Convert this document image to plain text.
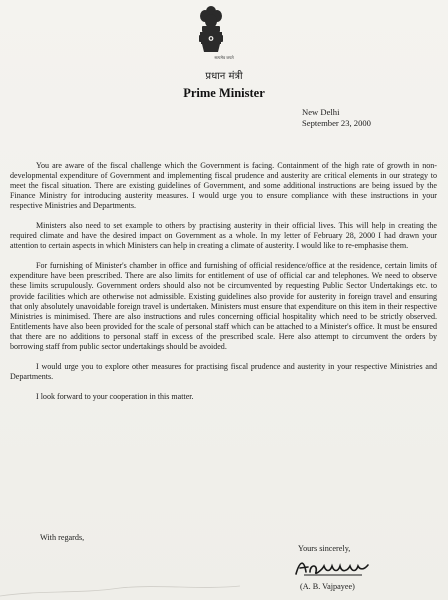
सत्यमेव जयते
प्रधान मंत्री
Prime Minister
New Delhi
September 23, 2000

You are aware of the fiscal challenge which the Government is facing. Containment of the high rate of growth in non-developmental expenditure of Government and implementing fiscal prudence and austerity are critical elements in our strategy to meet the fiscal situation. There are existing guidelines of Government, and some additional instructions are being issued by the Finance Ministry for introducing austerity measures. I would urge you to ensure compliance with these instructions in your respective Ministries and Departments.

Ministers also need to set example to others by practising austerity in their official lives. This will help in creating the required climate and have the desired impact on Government as a whole. In my letter of February 28, 2000 I had drawn your attention to certain aspects in which Ministers can help in creating a climate of austerity. I would like to re-emphasise them.

For furnishing of Minister's chamber in office and furnishing of official residence/office at the residence, certain limits of expenditure have been prescribed. There are also limits for entitlement of use of official car and telephones. We need to observe these limits scrupulously. Government orders should also not be circumvented by requesting Public Sector Undertakings etc. to provide facilities which are otherwise not admissible. Existing guidelines also provide for austerity in foreign travel and ensuring that only absolutely unavoidable foreign travel is undertaken. Ministers must ensure that expenditure on this item in their respective Ministries is minimised. There are also instructions and rules concerning official hospitality which need to be strictly observed. Entitlements have also been provided for the scale of personal staff which can be attached to a Minister's office. It must be ensured that there are no additions to personal staff in excess of the prescribed scale. Here also attempt to circumvent the orders by borrowing staff from public sector undertakings should be avoided.

I would urge you to explore other measures for practising fiscal prudence and austerity in your respective Ministries and Departments.

I look forward to your cooperation in this matter.

With regards,
Yours sincerely,
(A. B. Vajpayee)
